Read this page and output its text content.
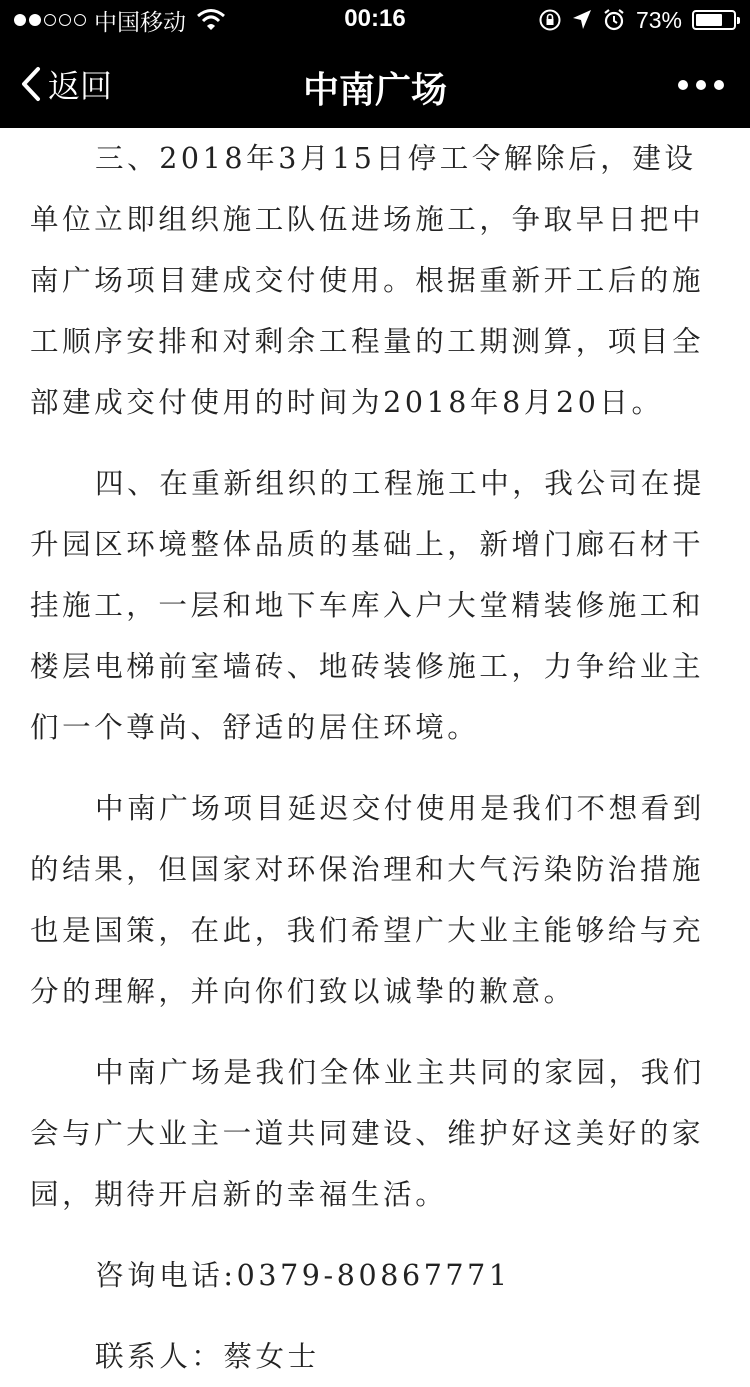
中国移动	00:16	73%
返回	中南广场

三、2018年3月15日停工令解除后，建设单位立即组织施工队伍进场施工，争取早日把中南广场项目建成交付使用。根据重新开工后的施工顺序安排和对剩余工程量的工期测算，项目全部建成交付使用的时间为2018年8月20日。

四、在重新组织的工程施工中，我公司在提升园区环境整体品质的基础上，新增门廊石材干挂施工，一层和地下车库入户大堂精装修施工和楼层电梯前室墙砖、地砖装修施工，力争给业主们一个尊尚、舒适的居住环境。

中南广场项目延迟交付使用是我们不想看到的结果，但国家对环保治理和大气污染防治措施也是国策，在此，我们希望广大业主能够给与充分的理解，并向你们致以诚挚的歉意。

中南广场是我们全体业主共同的家园，我们会与广大业主一道共同建设、维护好这美好的家园，期待开启新的幸福生活。

咨询电话:0379-80867771

联系人：蔡女士
